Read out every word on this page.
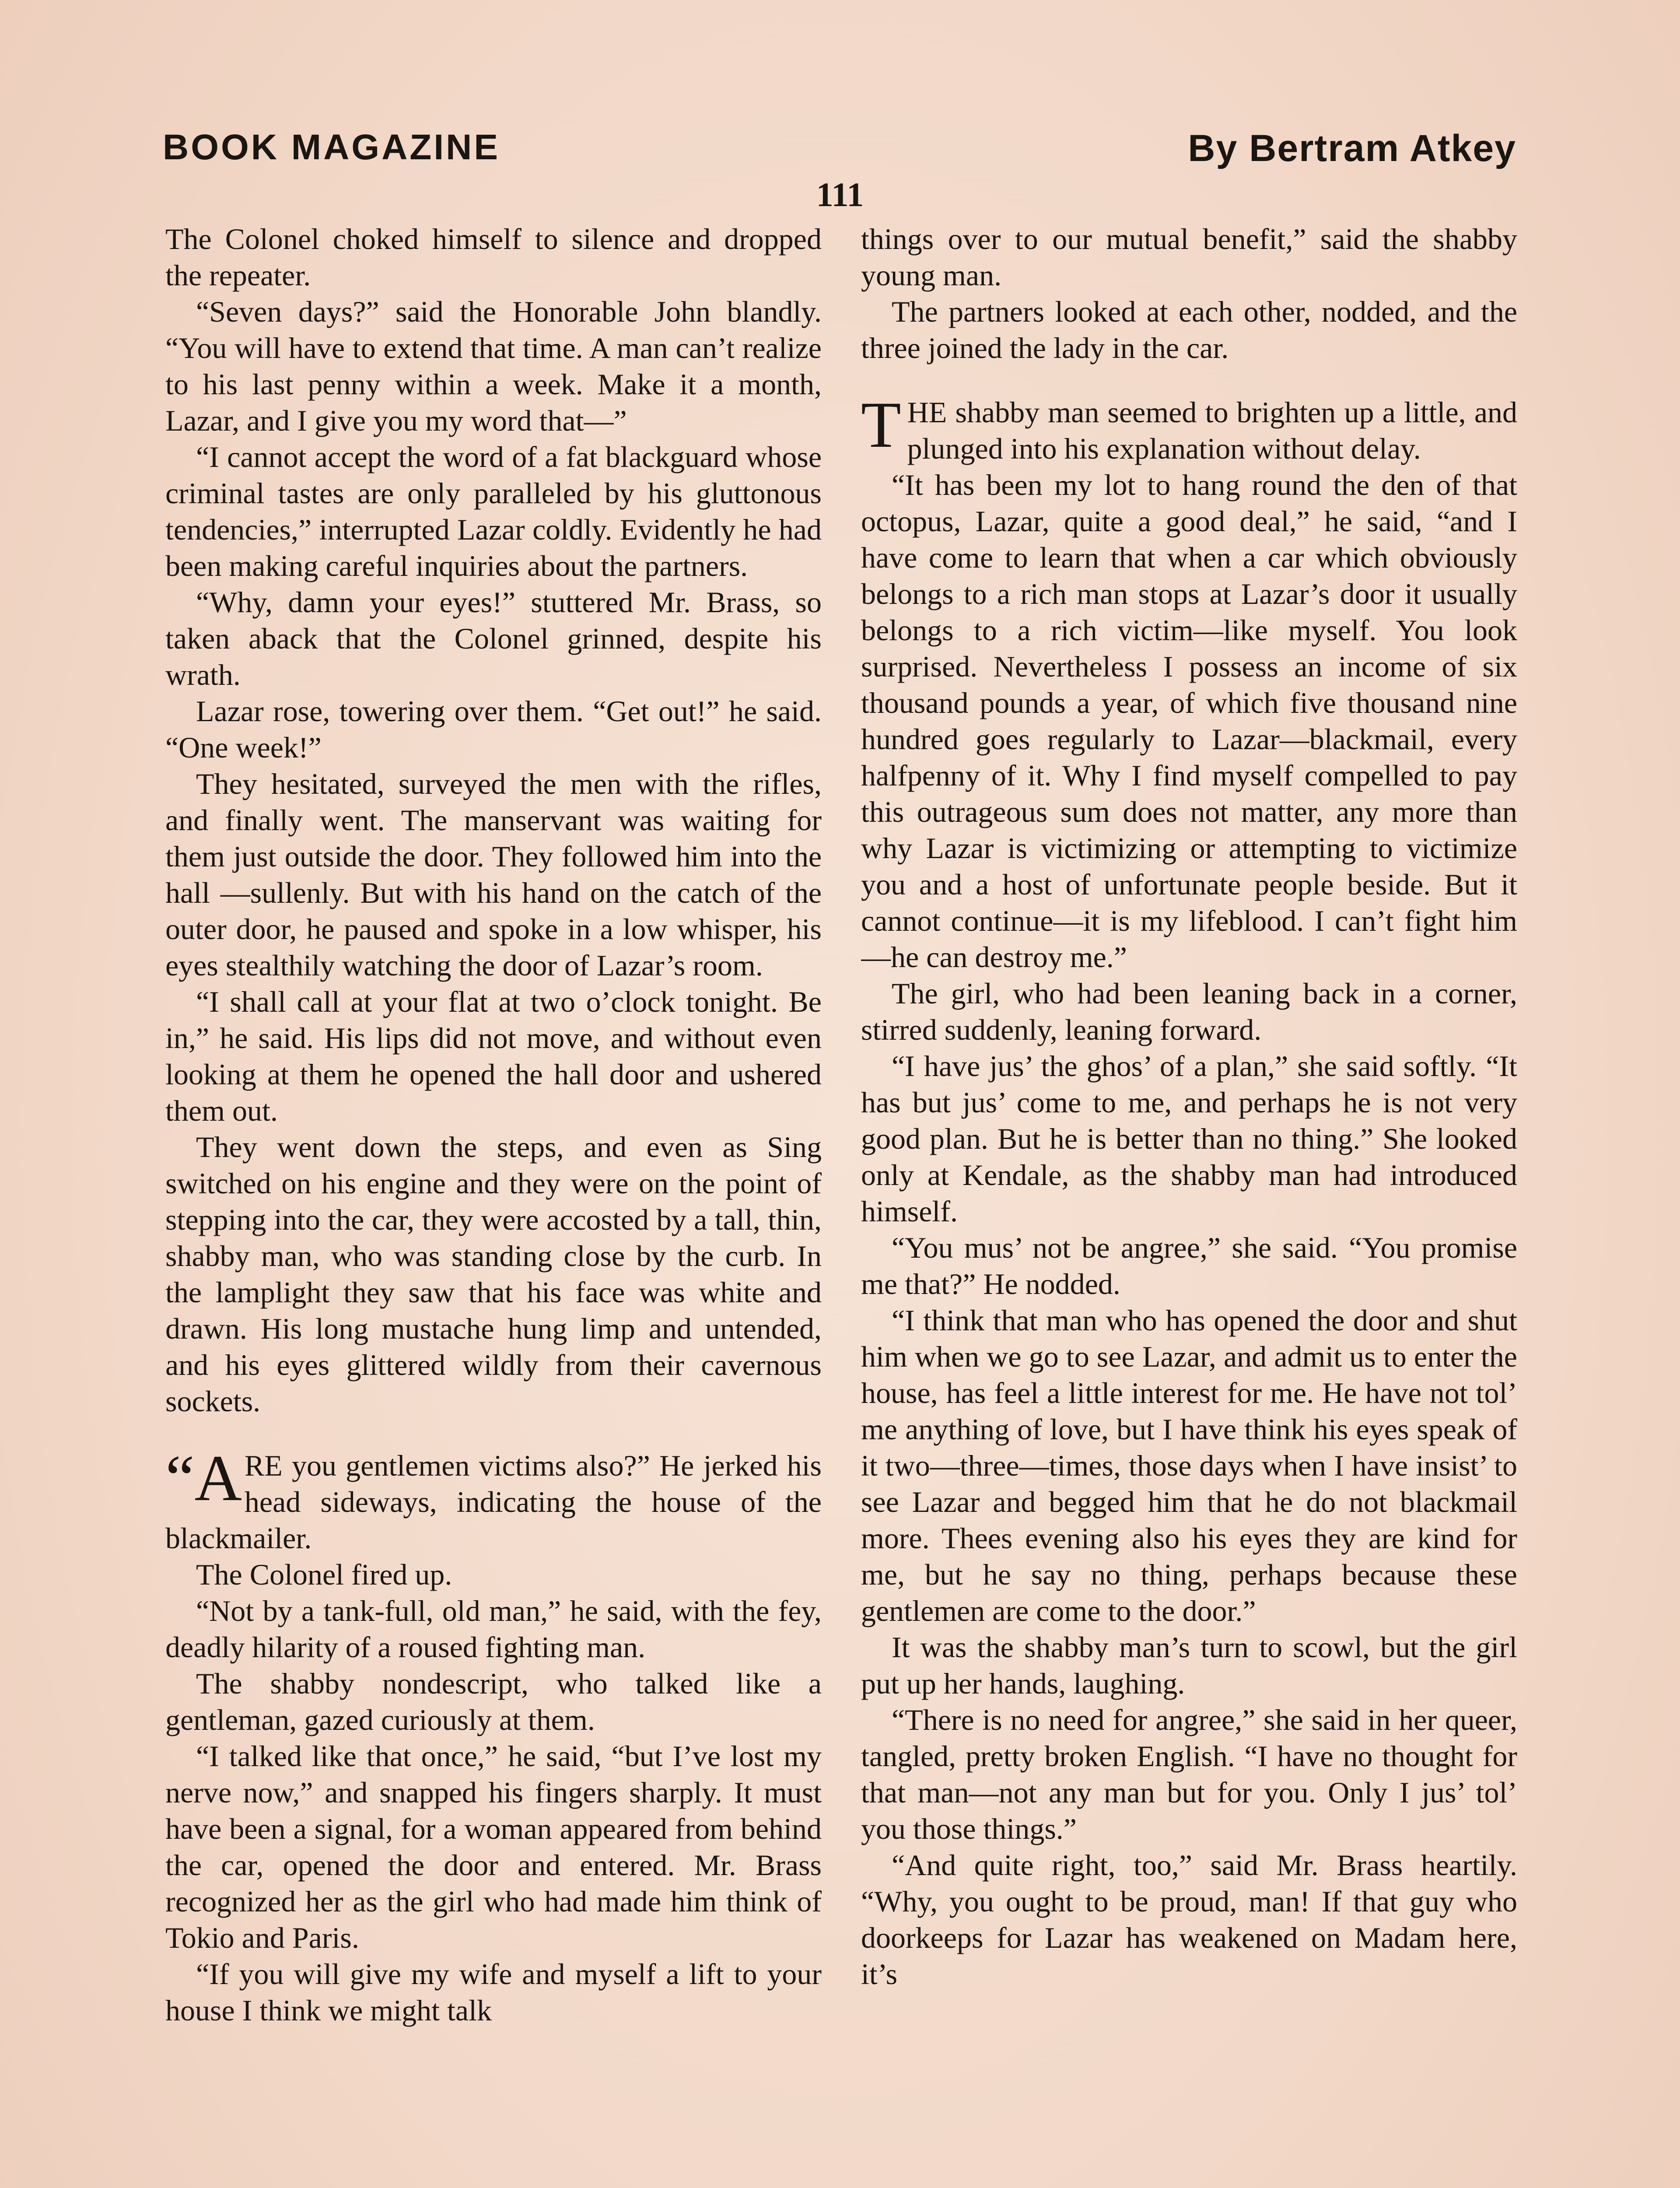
BOOK MAGAZINE	By Bertram Atkey
111

The Colonel choked himself to silence and dropped the repeater.

“Seven days?” said the Honorable John blandly. “You will have to extend that time. A man can’t realize to his last penny within a week. Make it a month, Lazar, and I give you my word that—”

“I cannot accept the word of a fat blackguard whose criminal tastes are only paralleled by his gluttonous tendencies,” interrupted Lazar coldly. Evidently he had been making careful inquiries about the partners.

“Why, damn your eyes!” stuttered Mr. Brass, so taken aback that the Colonel grinned, despite his wrath.

Lazar rose, towering over them. “Get out!” he said. “One week!”

They hesitated, surveyed the men with the rifles, and finally went. The manservant was waiting for them just outside the door. They followed him into the hall —sullenly. But with his hand on the catch of the outer door, he paused and spoke in a low whisper, his eyes stealthily watching the door of Lazar’s room.

“I shall call at your flat at two o’clock tonight. Be in,” he said. His lips did not move, and without even looking at them he opened the hall door and ushered them out.

They went down the steps, and even as Sing switched on his engine and they were on the point of stepping into the car, they were accosted by a tall, thin, shabby man, who was standing close by the curb. In the lamplight they saw that his face was white and drawn. His long mustache hung limp and untended, and his eyes glittered wildly from their cavernous sockets.

“A RE you gentlemen victims also?” He jerked his head sideways, indicating the house of the blackmailer.

The Colonel fired up.

“Not by a tank-full, old man,” he said, with the fey, deadly hilarity of a roused fighting man.

The shabby nondescript, who talked like a gentleman, gazed curiously at them.

“I talked like that once,” he said, “but I’ve lost my nerve now,” and snapped his fingers sharply. It must have been a signal, for a woman appeared from behind the car, opened the door and entered. Mr. Brass recognized her as the girl who had made him think of Tokio and Paris.

“If you will give my wife and myself a lift to your house I think we might talk

things over to our mutual benefit,” said the shabby young man.

The partners looked at each other, nodded, and the three joined the lady in the car.

THE shabby man seemed to brighten up a little, and plunged into his explanation without delay.

“It has been my lot to hang round the den of that octopus, Lazar, quite a good deal,” he said, “and I have come to learn that when a car which obviously belongs to a rich man stops at Lazar’s door it usually belongs to a rich victim—like myself. You look surprised. Nevertheless I possess an income of six thousand pounds a year, of which five thousand nine hundred goes regularly to Lazar—blackmail, every halfpenny of it. Why I find myself compelled to pay this outrageous sum does not matter, any more than why Lazar is victimizing or attempting to victimize you and a host of unfortunate people beside. But it cannot continue—it is my lifeblood. I can’t fight him—he can destroy me.”

The girl, who had been leaning back in a corner, stirred suddenly, leaning forward.

“I have jus’ the ghos’ of a plan,” she said softly. “It has but jus’ come to me, and perhaps he is not very good plan. But he is better than no thing.” She looked only at Kendale, as the shabby man had introduced himself.

“You mus’ not be angree,” she said. “You promise me that?” He nodded.

“I think that man who has opened the door and shut him when we go to see Lazar, and admit us to enter the house, has feel a little interest for me. He have not tol’ me anything of love, but I have think his eyes speak of it two—three—times, those days when I have insist’ to see Lazar and begged him that he do not blackmail more. Thees evening also his eyes they are kind for me, but he say no thing, perhaps because these gentlemen are come to the door.”

It was the shabby man’s turn to scowl, but the girl put up her hands, laughing.

“There is no need for angree,” she said in her queer, tangled, pretty broken English. “I have no thought for that man—not any man but for you. Only I jus’ tol’ you those things.”

“And quite right, too,” said Mr. Brass heartily. “Why, you ought to be proud, man! If that guy who doorkeeps for Lazar has weakened on Madam here, it’s
